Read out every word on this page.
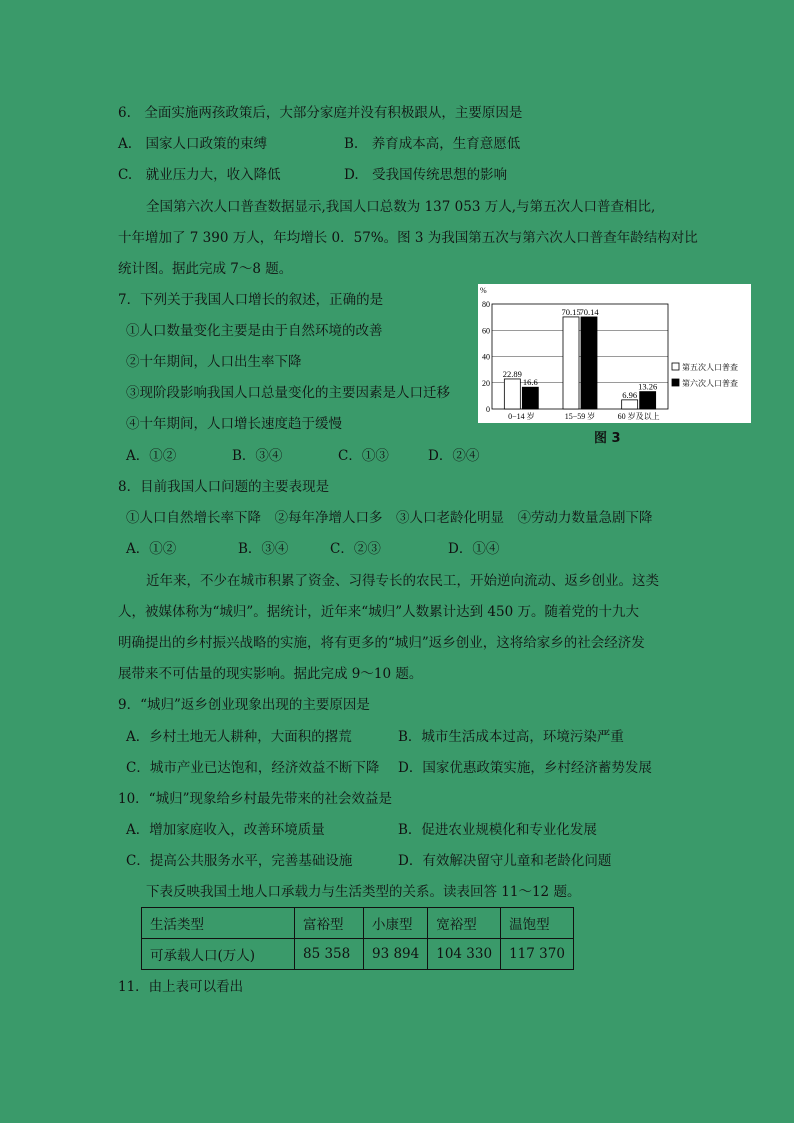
6.　全面实施两孩政策后，大部分家庭并没有积极跟从，主要原因是
A.　国家人口政策的束缚	B.　养育成本高，生育意愿低
C.　就业压力大，收入降低	D.　受我国传统思想的影响
全国第六次人口普查数据显示,我国人口总数为 137 053 万人,与第五次人口普查相比,
十年增加了 7 390 万人，年均增长 0．57%。图 3 为我国第五次与第六次人口普查年龄结构对比
统计图。据此完成 7～8 题。
7．下列关于我国人口增长的叙述，正确的是
①人口数量变化主要是由于自然环境的改善
②十年期间，人口出生率下降
③现阶段影响我国人口总量变化的主要因素是人口迁移
④十年期间，人口增长速度趋于缓慢
A．①②	B．③④	C．①③	D．②④
0
20
40
60
80
%
22.89
16.6
0−14 岁
70.15
70.14
15−59 岁
6.96
13.26
60 岁及以上
第五次人口普查
第六次人口普查
图 3
8．目前我国人口问题的主要表现是
①人口自然增长率下降　②每年净增人口多　③人口老龄化明显　④劳动力数量急剧下降
A．①②	B．③④	C．②③	D．①④
近年来，不少在城市积累了资金、习得专长的农民工，开始逆向流动、返乡创业。这类
人，被媒体称为“城归”。据统计，近年来“城归”人数累计达到 450 万。随着党的十九大
明确提出的乡村振兴战略的实施，将有更多的“城归”返乡创业，这将给家乡的社会经济发
展带来不可估量的现实影响。据此完成 9～10 题。
9．“城归”返乡创业现象出现的主要原因是
A．乡村土地无人耕种，大面积的撂荒	B．城市生活成本过高，环境污染严重
C．城市产业已达饱和，经济效益不断下降 D．国家优惠政策实施，乡村经济蓄势发展
10．“城归”现象给乡村最先带来的社会效益是
A．增加家庭收入，改善环境质量	B．促进农业规模化和专业化发展
C．提高公共服务水平，完善基础设施	D．有效解决留守儿童和老龄化问题
下表反映我国土地人口承载力与生活类型的关系。读表回答 11～12 题。
生活类型	富裕型	小康型	宽裕型	温饱型
可承载人口(万人)	85 358	93 894	104 330	117 370
11．由上表可以看出
